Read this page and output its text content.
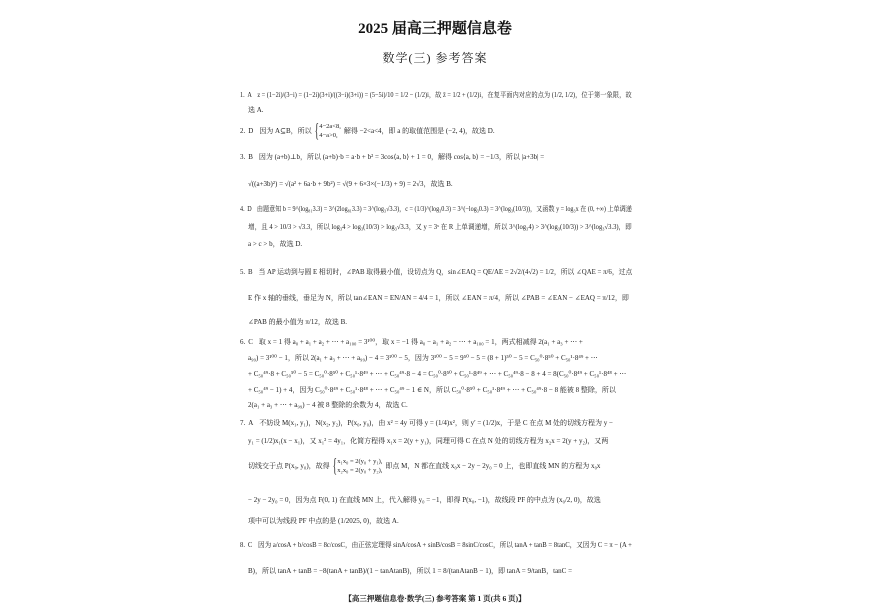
2025 届高三押题信息卷
数学(三) 参考答案
1. A z = (1−2i)/(3−i) = (1−2i)(3+i)/((3−i)(3+i)) = (5−5i)/10 = 1/2 − (1/2)i，故 z̄ = 1/2 + (1/2)i，在复平面内对应的点为 (1/2, 1/2)，位于第一象限，故
选 A.
2. D 因为 A⊆B，所以 { 4−2a<8,
4−a>0,
解得 −2<a<4，即 a 的取值范围是 (−2, 4)，故选 D.
3. B 因为 (a+b)⊥b，所以 (a+b)·b = a·b + b² = 3cos⟨a, b⟩ + 1 = 0，解得 cos⟨a, b⟩ = −1/3，所以 |a+3b| =
√((a+3b)²) = √(a² + 6a·b + 9b²) = √(9 + 6×3×(−1/3) + 9) = 2√3，故选 B.
4. D 由题意知 b = 9^(log₈₁3.3) = 3^(2log₈₁3.3) = 3^(log₃√3.3)，c = (1/3)^(log₃0.3) = 3^(−log₃0.3) = 3^(log₃(10/3))，又函数 y = log₃x 在 (0, +∞) 上单调递
增，且 4 > 10/3 > √3.3，所以 log₃4 > log₃(10/3) > log₃√3.3，又 y = 3ˣ 在 R 上单调递增，所以 3^(log₃4) > 3^(log₃(10/3)) > 3^(log₃√3.3)，即
a > c > b，故选 D.
5. B 当 AP 运动到与圆 E 相切时，∠PAB 取得最小值，设切点为 Q，sin∠EAQ = QE/AE = 2√2/(4√2) = 1/2，所以 ∠QAE = π/6，过点
E 作 x 轴的垂线，垂足为 N，所以 tan∠EAN = EN/AN = 4/4 = 1，所以 ∠EAN = π/4，所以 ∠PAB = ∠EAN − ∠EAQ = π/12，即
∠PAB 的最小值为 π/12，故选 B.
6. C 取 x = 1 得 a₀ + a₁ + a₂ + ⋯ + a₁₀₀ = 3¹⁰⁰，取 x = −1 得 a₀ − a₁ + a₂ − ⋯ + a₁₀₀ = 1，两式相减得 2(a₁ + a₃ + ⋯ +
a₉₉) = 3¹⁰⁰ − 1，所以 2(a₁ + a₃ + ⋯ + a₉₉) − 4 = 3¹⁰⁰ − 5，因为 3¹⁰⁰ − 5 = 9⁵⁰ − 5 = (8 + 1)⁵⁰ − 5 = C₅₀⁰·8⁵⁰ + C₅₀¹·8⁴⁹ + ⋯
+ C₅₀⁴⁹·8 + C₅₀⁵⁰ − 5 = C₅₀⁰·8⁵⁰ + C₅₀¹·8⁴⁹ + ⋯ + C₅₀⁴⁹·8 − 4 = C₅₀⁰·8⁵⁰ + C₅₀¹·8⁴⁹ + ⋯ + C₅₀⁴⁹·8 − 8 + 4 = 8(C₅₀⁰·8⁴⁹ + C₅₀¹·8⁴⁸ + ⋯
+ C₅₀⁴⁹ − 1) + 4，因为 C₅₀⁰·8⁴⁹ + C₅₀¹·8⁴⁸ + ⋯ + C₅₀⁴⁹ − 1 ∈ N，所以 C₅₀⁰·8⁵⁰ + C₅₀¹·8⁴⁹ + ⋯ + C₅₀⁴⁹·8 − 8 能被 8 整除，所以
2(a₁ + a₃ + ⋯ + a₉₉) − 4 被 8 整除的余数为 4，故选 C.
7. A 不妨设 M(x₁, y₁)，N(x₂, y₂)，P(x₀, y₀)，由 x² = 4y 可得 y = (1/4)x²，则 y′ = (1/2)x，于是 C 在点 M 处的切线方程为 y −
y₁ = (1/2)x₁(x − x₁)，又 x₁² = 4y₁，化简方程得 x₁x = 2(y + y₁)，同理可得 C 在点 N 处的切线方程为 x₂x = 2(y + y₂)，又两
切线交于点 P(x₀, y₀)，故得 { x₁x₀ = 2(y₀ + y₁),
x₂x₀ = 2(y₀ + y₂),
即点 M，N 都在直线 x₀x − 2y − 2y₀ = 0 上，也即直线 MN 的方程为 x₀x
− 2y − 2y₀ = 0，因为点 F(0, 1) 在直线 MN 上，代入解得 y₀ = −1，即得 P(x₀, −1)，故线段 PF 的中点为 (x₀/2, 0)，故选
项中可以为线段 PF 中点的是 (1/2025, 0)，故选 A.
8. C 因为 a/cosA + b/cosB = 8c/cosC，由正弦定理得 sinA/cosA + sinB/cosB = 8sinC/cosC，所以 tanA + tanB = 8tanC，又因为 C = π − (A +
B)，所以 tanA + tanB = −8(tanA + tanB)/(1 − tanAtanB)，所以 1 = 8/(tanAtanB − 1)，即 tanA = 9/tanB，tanC =
【高三押题信息卷·数学(三) 参考答案 第 1 页(共 6 页)】
